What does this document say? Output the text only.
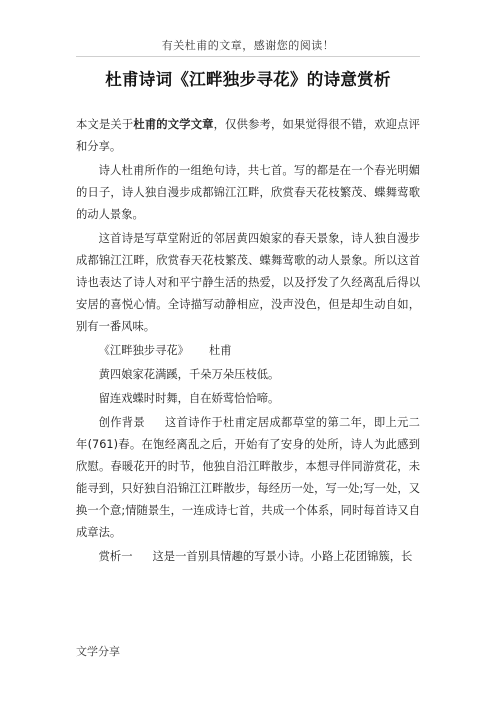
有关杜甫的文章，感谢您的阅读！
杜甫诗词《江畔独步寻花》的诗意赏析

本文是关于杜甫的文学文章，仅供参考，如果觉得很不错，欢迎点评和分享。

诗人杜甫所作的一组绝句诗，共七首。写的都是在一个春光明媚的日子，诗人独自漫步成都锦江江畔，欣赏春天花枝繁茂、蝶舞莺歌的动人景象。

这首诗是写草堂附近的邻居黄四娘家的春天景象，诗人独自漫步成都锦江江畔，欣赏春天花枝繁茂、蝶舞莺歌的动人景象。所以这首诗也表达了诗人对和平宁静生活的热爱，以及抒发了久经离乱后得以安居的喜悦心情。全诗描写动静相应，没声没色，但是却生动自如，别有一番风味。

《江畔独步寻花》 杜甫

黄四娘家花满蹊，千朵万朵压枝低。

留连戏蝶时时舞，自在娇莺恰恰啼。

创作背景 这首诗作于杜甫定居成都草堂的第二年，即上元二年(761)春。在饱经离乱之后，开始有了安身的处所，诗人为此感到欣慰。春暖花开的时节，他独自沿江畔散步，本想寻伴同游赏花，未能寻到，只好独自沿锦江江畔散步，每经历一处，写一处;写一处，又换一个意;情随景生，一连成诗七首，共成一个体系，同时每首诗又自成章法。

赏析一 这是一首别具情趣的写景小诗。小路上花团锦簇，长

文学分享
